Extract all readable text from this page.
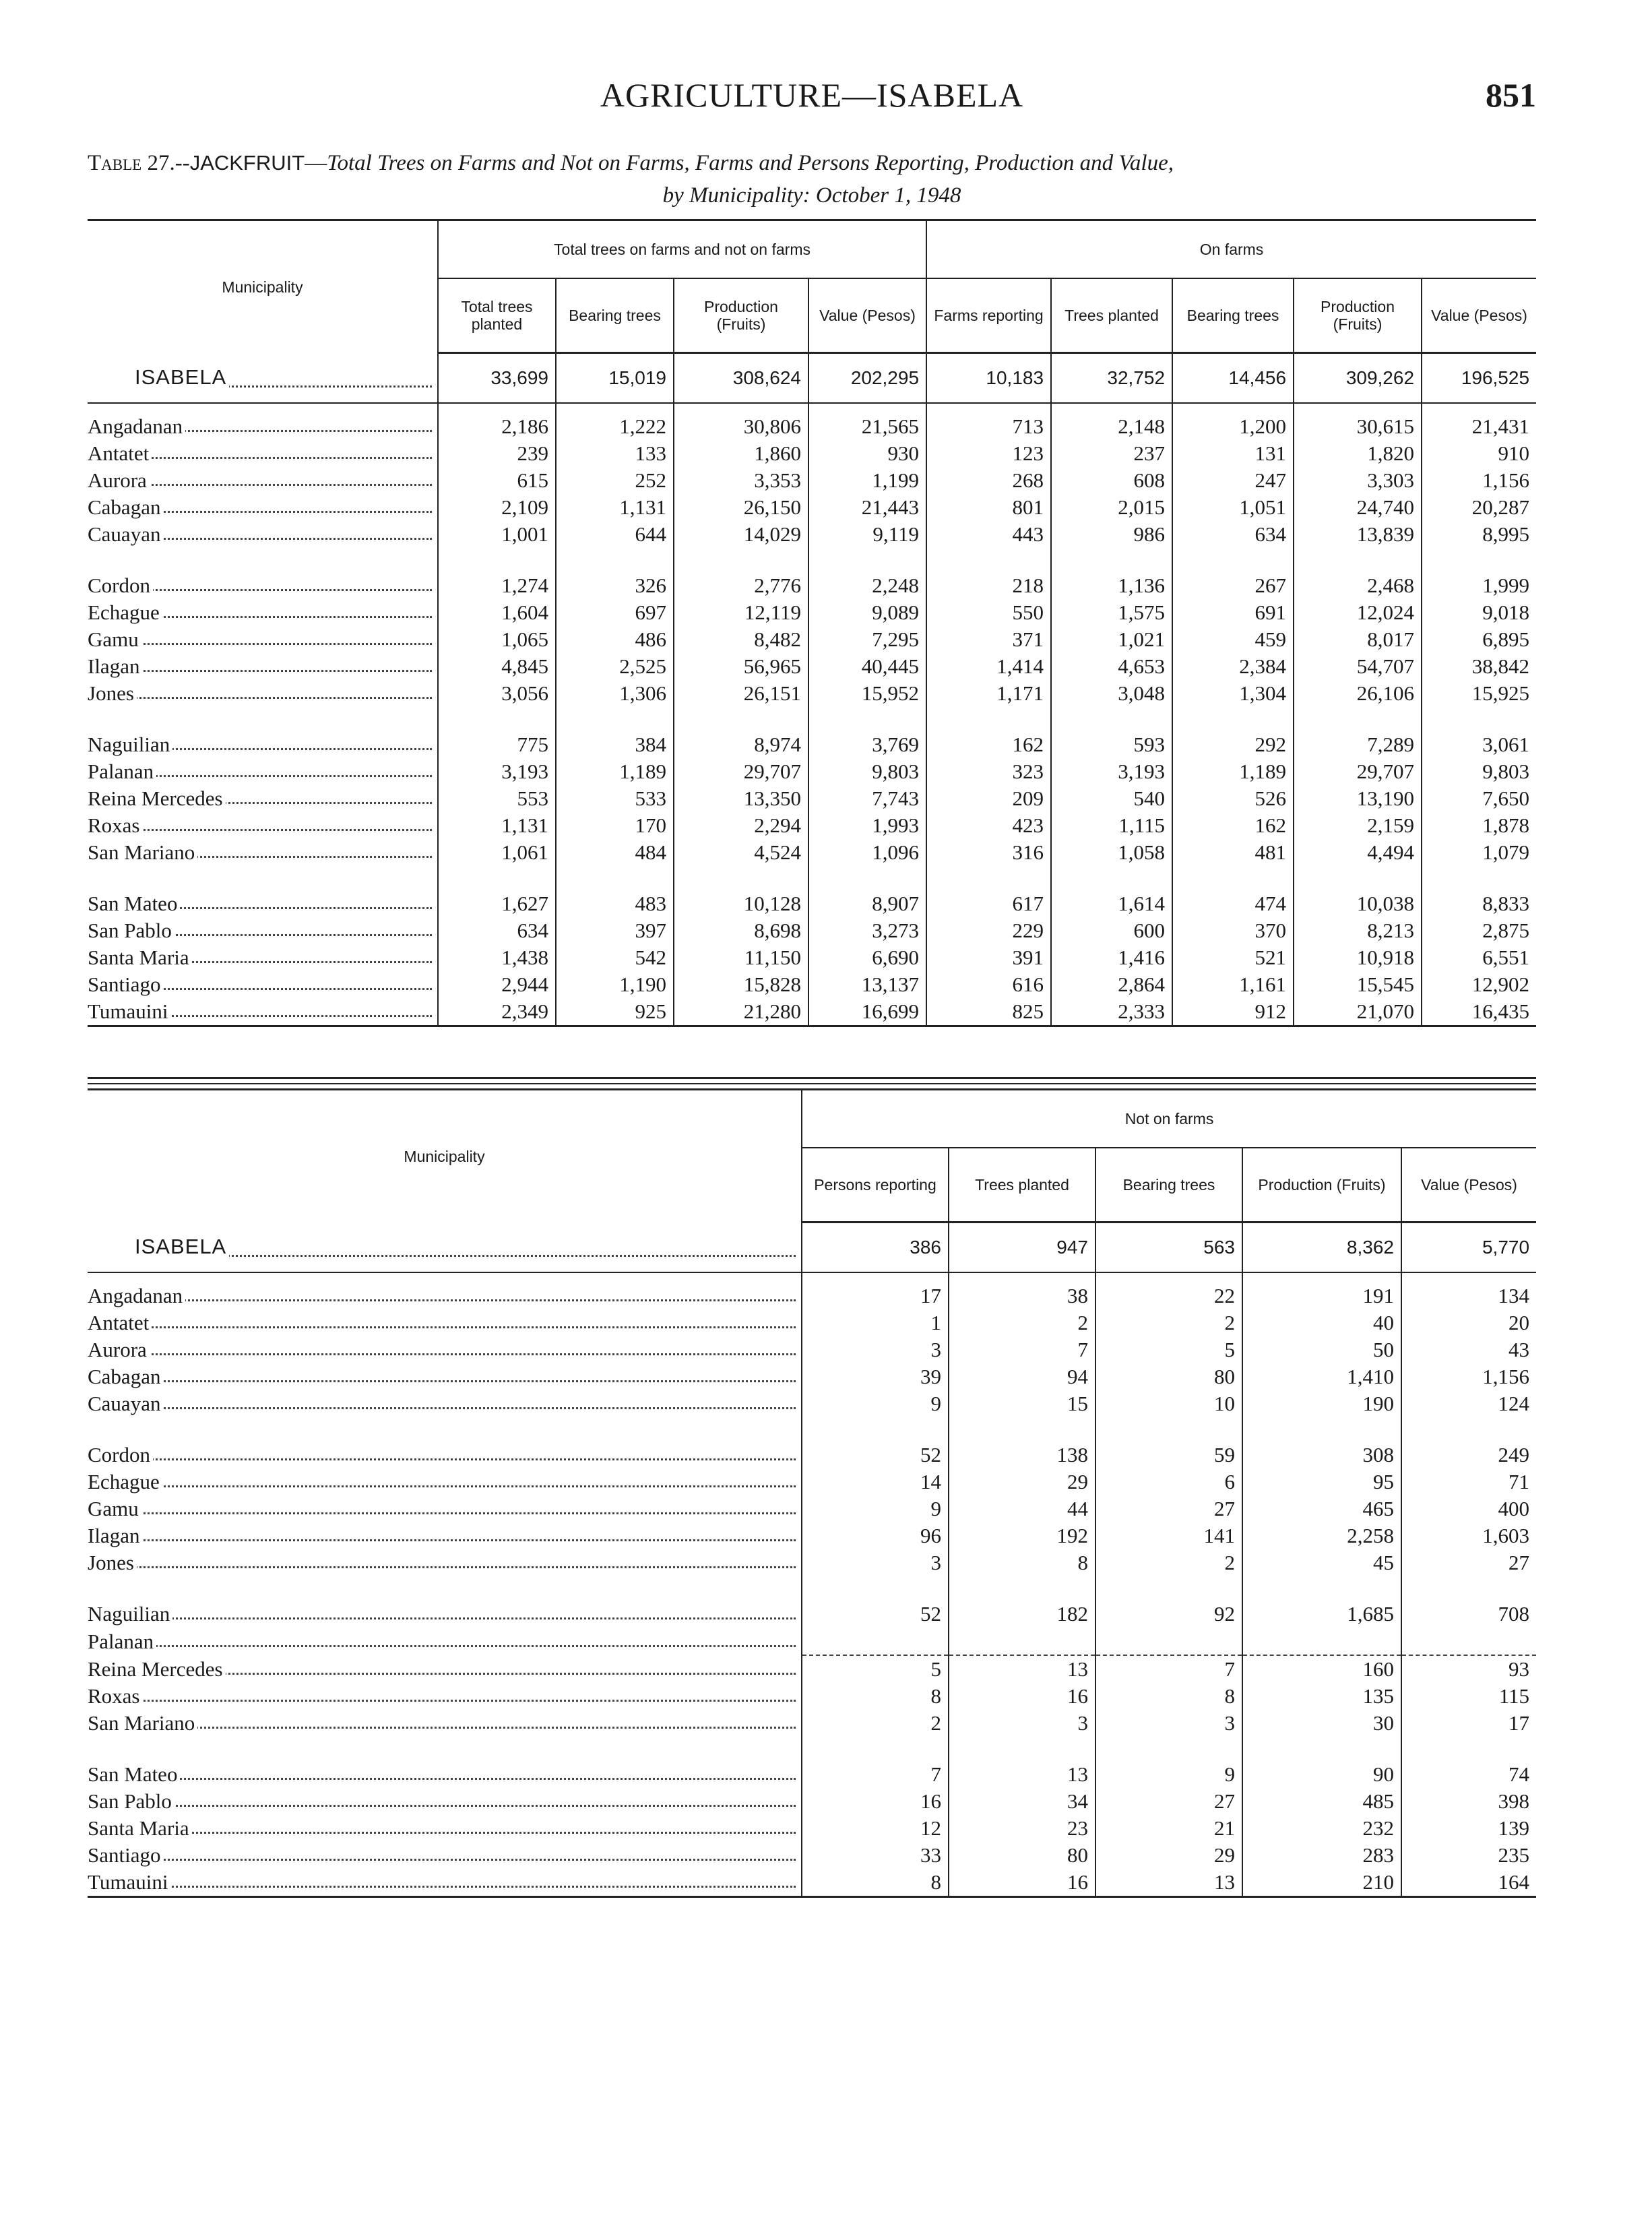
AGRICULTURE—ISABELA	851
Table 27.--JACKFRUIT—Total Trees on Farms and Not on Farms, Farms and Persons Reporting, Production and Value,
by Municipality: October 1, 1948
Municipality	Total trees on farms and not on farms				On farms				
	Total trees planted	Bearing trees	Production (Fruits)	Value (Pesos)	Farms reporting	Trees planted	Bearing trees	Production (Fruits)	Value (Pesos)

ISABELA	33,699	15,019	308,624	202,295	10,183	32,752	14,456	309,262	196,525

Angadanan	2,186	1,222	30,806	21,565	713	2,148	1,200	30,615	21,431

Antatet	239	133	1,860	930	123	237	131	1,820	910

Aurora	615	252	3,353	1,199	268	608	247	3,303	1,156

Cabagan	2,109	1,131	26,150	21,443	801	2,015	1,051	24,740	20,287

Cauayan	1,001	644	14,029	9,119	443	986	634	13,839	8,995

Cordon	1,274	326	2,776	2,248	218	1,136	267	2,468	1,999

Echague	1,604	697	12,119	9,089	550	1,575	691	12,024	9,018

Gamu	1,065	486	8,482	7,295	371	1,021	459	8,017	6,895

Ilagan	4,845	2,525	56,965	40,445	1,414	4,653	2,384	54,707	38,842

Jones	3,056	1,306	26,151	15,952	1,171	3,048	1,304	26,106	15,925

Naguilian	775	384	8,974	3,769	162	593	292	7,289	3,061

Palanan	3,193	1,189	29,707	9,803	323	3,193	1,189	29,707	9,803

Reina Mercedes	553	533	13,350	7,743	209	540	526	13,190	7,650

Roxas	1,131	170	2,294	1,993	423	1,115	162	2,159	1,878

San Mariano	1,061	484	4,524	1,096	316	1,058	481	4,494	1,079

San Mateo	1,627	483	10,128	8,907	617	1,614	474	10,038	8,833

San Pablo	634	397	8,698	3,273	229	600	370	8,213	2,875

Santa Maria	1,438	542	11,150	6,690	391	1,416	521	10,918	6,551

Santiago	2,944	1,190	15,828	13,137	616	2,864	1,161	15,545	12,902

Tumauini	2,349	925	21,280	16,699	825	2,333	912	21,070	16,435
Municipality	Not on farms				
	Persons reporting	Trees planted	Bearing trees	Production (Fruits)	Value (Pesos)

ISABELA	386	947	563	8,362	5,770

Angadanan	17	38	22	191	134

Antatet	1	2	2	40	20

Aurora	3	7	5	50	43

Cabagan	39	94	80	1,410	1,156

Cauayan	9	15	10	190	124

Cordon	52	138	59	308	249

Echague	14	29	6	95	71

Gamu	9	44	27	465	400

Ilagan	96	192	141	2,258	1,603

Jones	3	8	2	45	27

Naguilian	52	182	92	1,685	708

Palanan					

Reina Mercedes	5	13	7	160	93

Roxas	8	16	8	135	115

San Mariano	2	3	3	30	17

San Mateo	7	13	9	90	74

San Pablo	16	34	27	485	398

Santa Maria	12	23	21	232	139

Santiago	33	80	29	283	235

Tumauini	8	16	13	210	164
